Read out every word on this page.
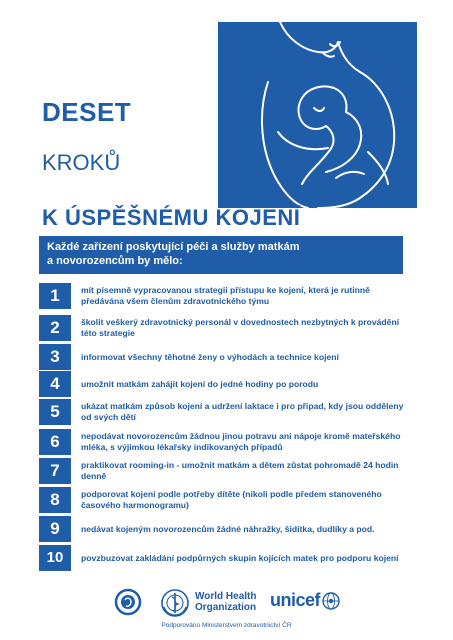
DESET
KROKŮ
K ÚSPĚŠNÉMU KOJENÍ
Každé zařízení poskytující péči a služby matkám
a novorozencům by mělo:
1	mít písemně vypracovanou strategii přístupu ke kojení, která je rutinně předávána všem členům zdravotnického týmu
2	školit veškerý zdravotnický personál v dovednostech nezbytných k provádění této strategie
3	informovat všechny těhotné ženy o výhodách a technice kojení
4	umožnit matkám zahájit kojení do jedné hodiny po porodu
5	ukázat matkám způsob kojení a udržení laktace i pro případ, kdy jsou odděleny od svých dětí
6	nepodávat novorozencům žádnou jinou potravu ani nápoje kromě mateřského mléka, s výjimkou lékařsky indikovaných případů
7	praktikovat rooming-in - umožnit matkám a dětem zůstat pohromadě 24 hodin denně
8	podporovat kojení podle potřeby dítěte (nikoli podle předem stanoveného časového harmonogramu)
9	nedávat kojeným novorozencům žádné náhražky, šidítka, dudlíky a pod.
10	povzbuzovat zakládání podpůrných skupin kojících matek pro podporu kojení
World Health
Organization unicef
Podporováno Ministerstvem zdravotnictví ČR
